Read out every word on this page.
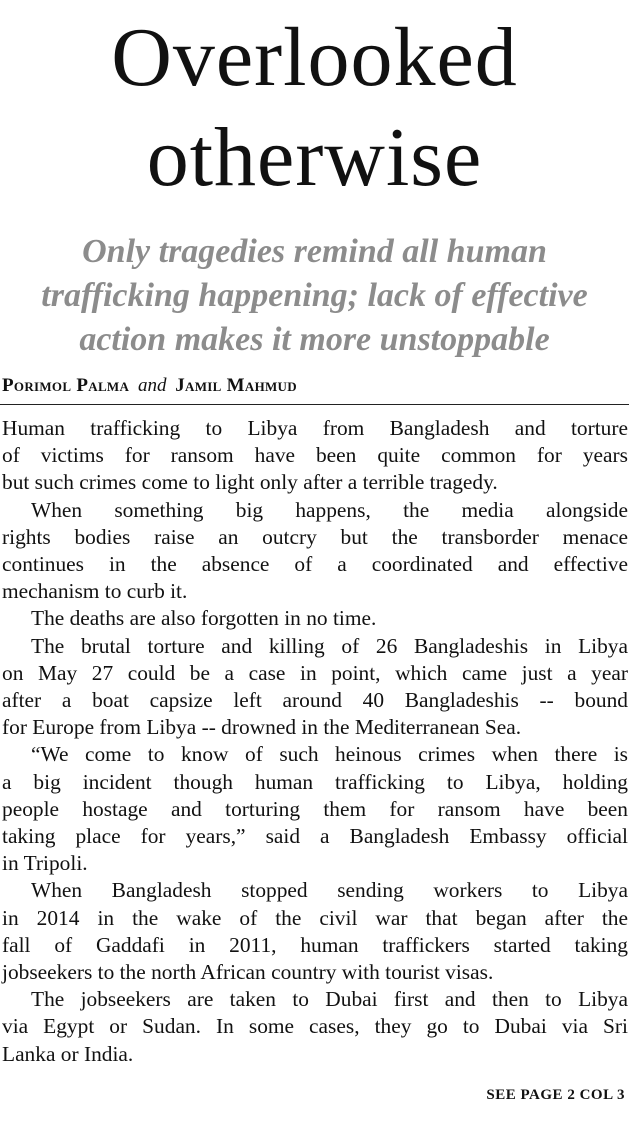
Overlooked
otherwise
Only tragedies remind all human
trafficking happening; lack of effective
action makes it more unstoppable
Porimol Palma and Jamil Mahmud
Human trafficking to Libya from Bangladesh and torture
of victims for ransom have been quite common for years
but such crimes come to light only after a terrible tragedy.
When something big happens, the media alongside
rights bodies raise an outcry but the transborder menace
continues in the absence of a coordinated and effective
mechanism to curb it.
The deaths are also forgotten in no time.
The brutal torture and killing of 26 Bangladeshis in Libya
on May 27 could be a case in point, which came just a year
after a boat capsize left around 40 Bangladeshis -- bound
for Europe from Libya -- drowned in the Mediterranean Sea.
“We come to know of such heinous crimes when there is
a big incident though human trafficking to Libya, holding
people hostage and torturing them for ransom have been
taking place for years,” said a Bangladesh Embassy official
in Tripoli.
When Bangladesh stopped sending workers to Libya
in 2014 in the wake of the civil war that began after the
fall of Gaddafi in 2011, human traffickers started taking
jobseekers to the north African country with tourist visas.
The jobseekers are taken to Dubai first and then to Libya
via Egypt or Sudan. In some cases, they go to Dubai via Sri
Lanka or India.
SEE PAGE 2 COL 3
